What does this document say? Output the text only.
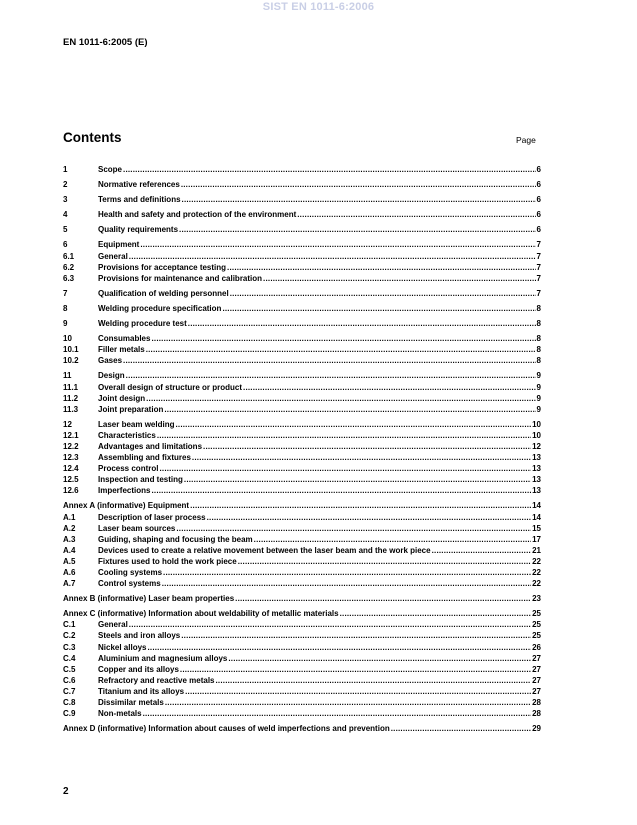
SIST EN 1011-6:2006
EN 1011-6:2005 (E)
Contents	Page
1	Scope .....	6
2	Normative references .....	6
3	Terms and definitions .....	6
4	Health and safety and protection of the environment .....	6
5	Quality requirements .....	6
6	Equipment .....	7
6.1	General .....	7
6.2	Provisions for acceptance testing .....	7
6.3	Provisions for maintenance and calibration .....	7
7	Qualification of welding personnel .....	7
8	Welding procedure specification .....	8
9	Welding procedure test .....	8
10	Consumables .....	8
10.1	Filler metals .....	8
10.2	Gases .....	8
11	Design .....	9
11.1	Overall design of structure or product .....	9
11.2	Joint design .....	9
11.3	Joint preparation .....	9
12	Laser beam welding .....	10
12.1	Characteristics .....	10
12.2	Advantages and limitations .....	12
12.3	Assembling and fixtures .....	13
12.4	Process control .....	13
12.5	Inspection and testing .....	13
12.6	Imperfections .....	13
Annex A (informative) Equipment .....	14
A.1	Description of laser process .....	14
A.2	Laser beam sources .....	15
A.3	Guiding, shaping and focusing the beam .....	17
A.4	Devices used to create a relative movement between the laser beam and the work piece .....	21
A.5	Fixtures used to hold the work piece .....	22
A.6	Cooling systems .....	22
A.7	Control systems .....	22
Annex B (informative) Laser beam properties .....	23
Annex C (informative) Information about weldability of metallic materials .....	25
C.1	General .....	25
C.2	Steels and iron alloys .....	25
C.3	Nickel alloys .....	26
C.4	Aluminium and magnesium alloys .....	27
C.5	Copper and its alloys .....	27
C.6	Refractory and reactive metals .....	27
C.7	Titanium and its alloys .....	27
C.8	Dissimilar metals .....	28
C.9	Non-metals .....	28
Annex D (informative) Information about causes of weld imperfections and prevention .....	29
2
